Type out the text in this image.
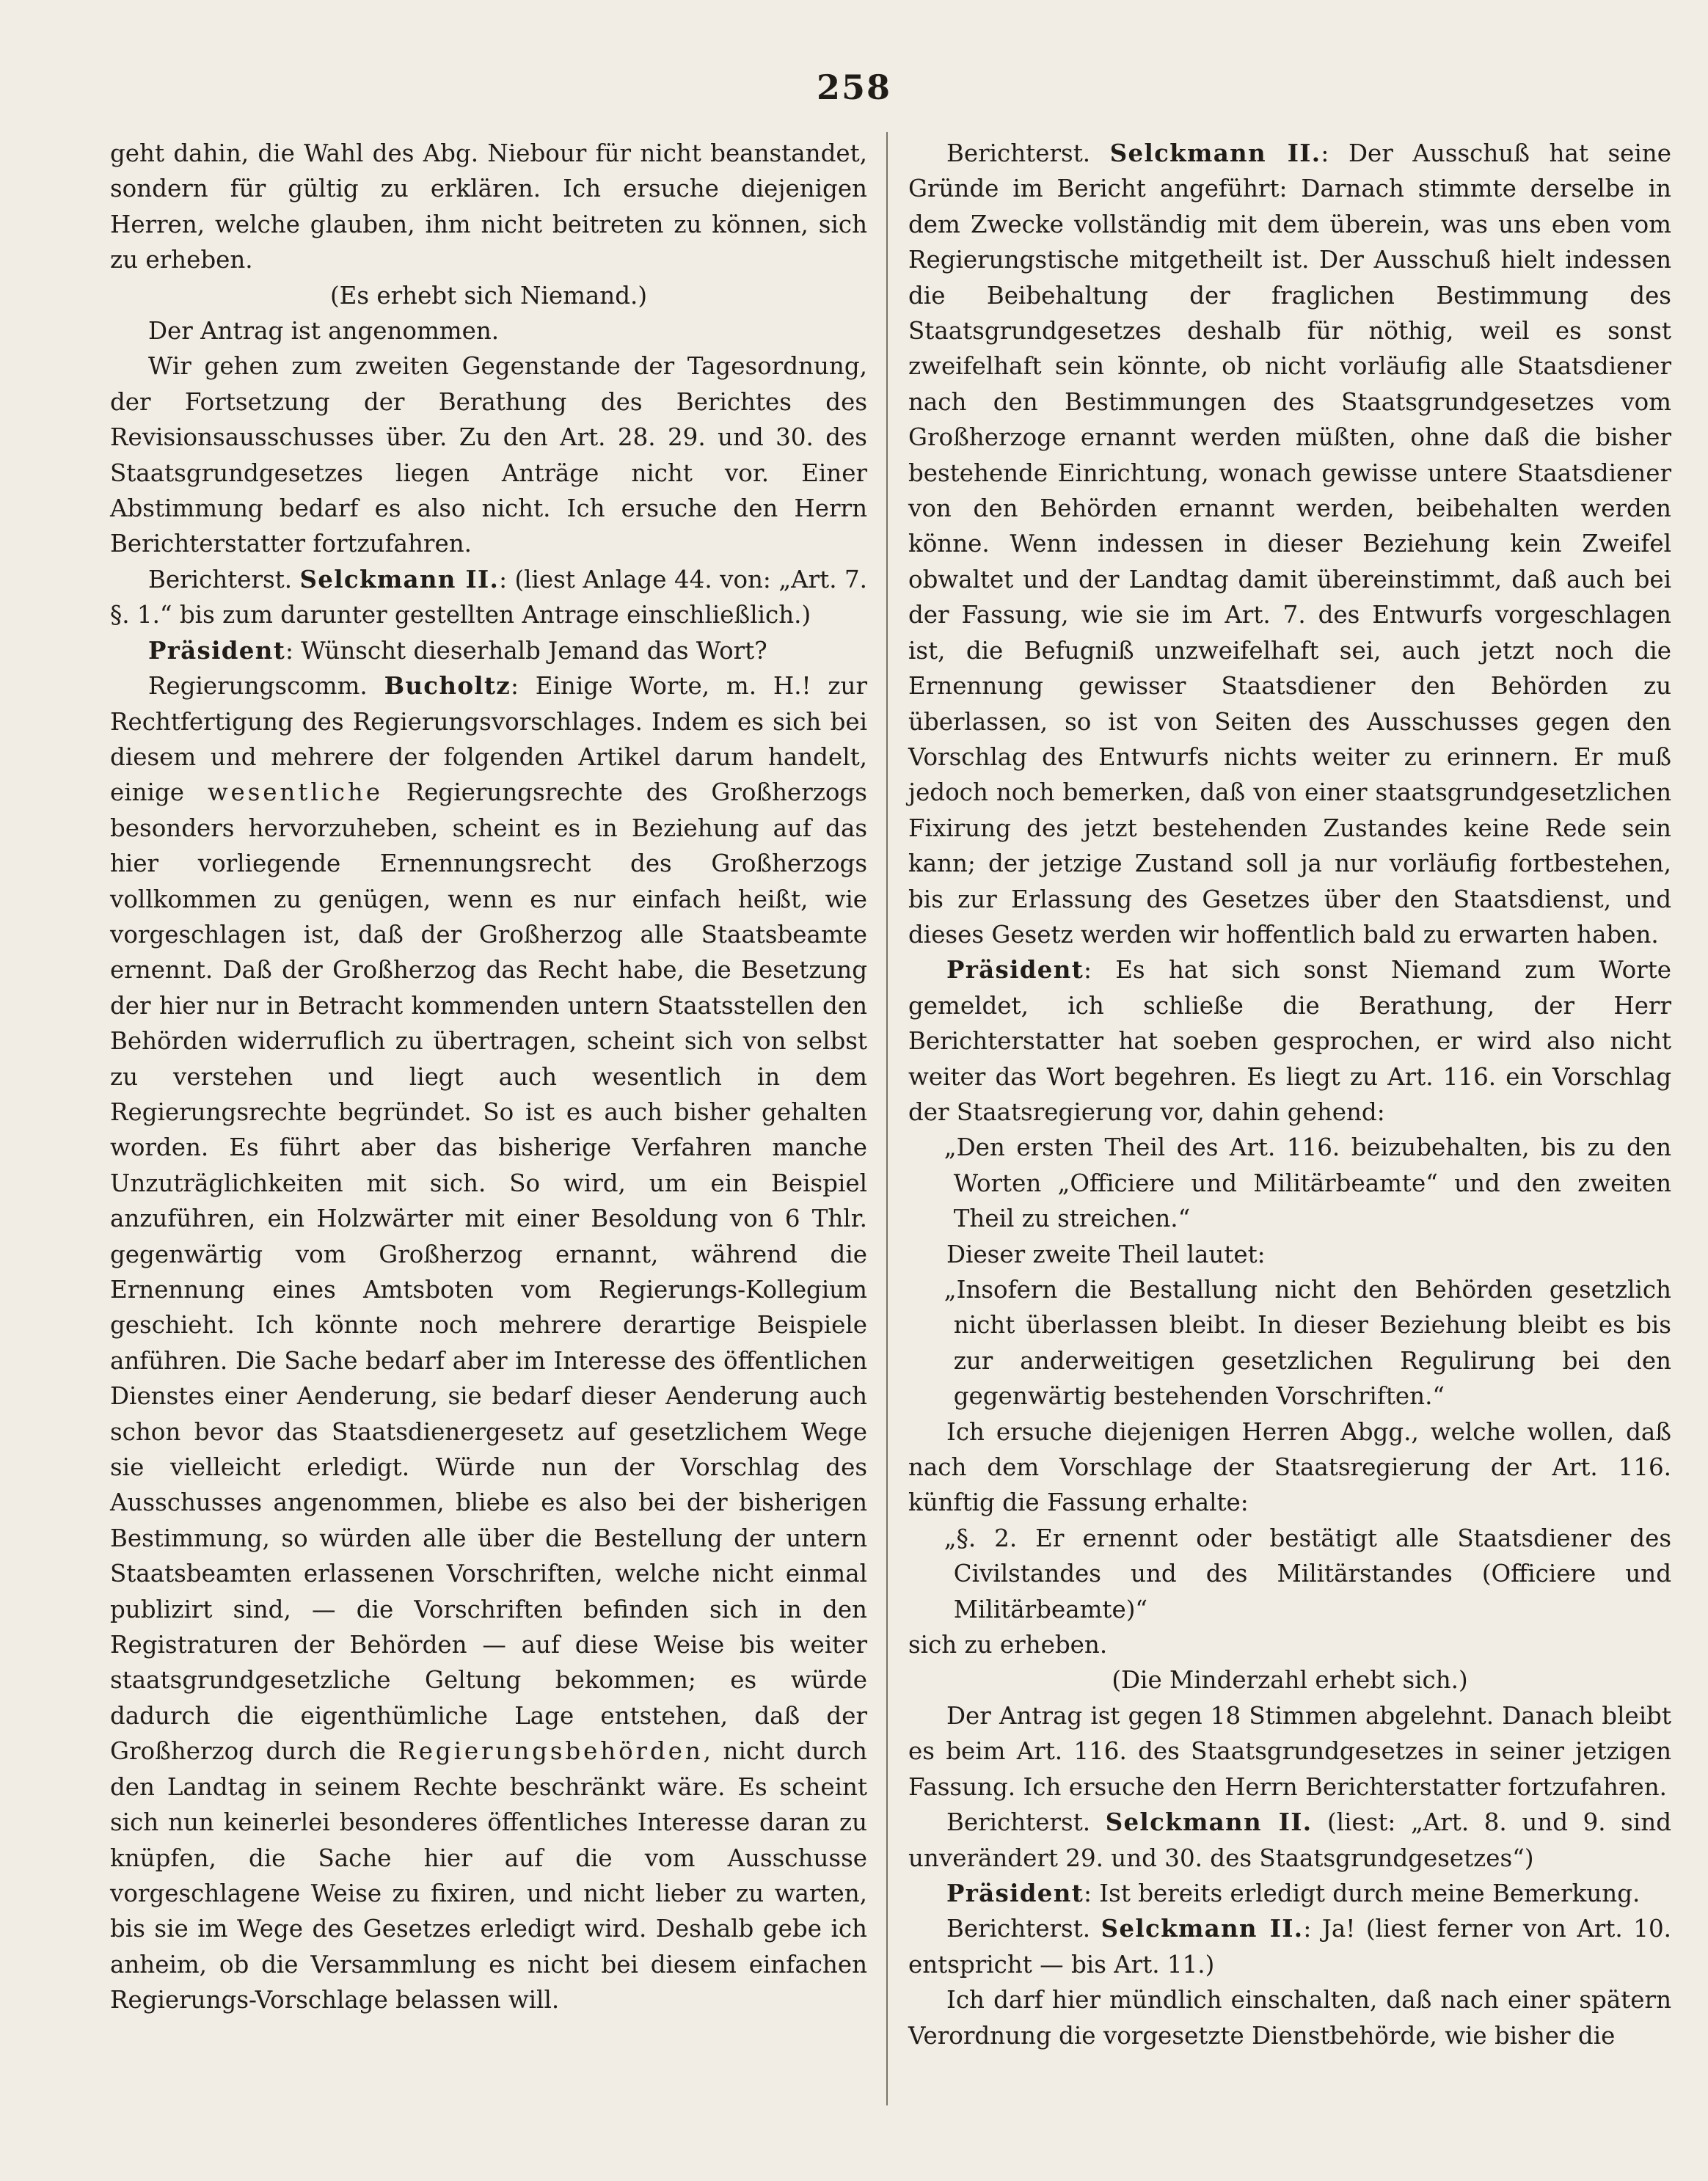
258

geht dahin, die Wahl des Abg. Niebour für nicht beanstandet, sondern für gültig zu erklären. Ich ersuche diejenigen Herren, welche glauben, ihm nicht beitreten zu können, sich zu erheben.

(Es erhebt sich Niemand.)

Der Antrag ist angenommen.

Wir gehen zum zweiten Gegenstande der Tagesordnung, der Fortsetzung der Berathung des Berichtes des Revisionsausschusses über. Zu den Art. 28. 29. und 30. des Staatsgrundgesetzes liegen Anträge nicht vor. Einer Abstimmung bedarf es also nicht. Ich ersuche den Herrn Berichterstatter fortzufahren.

Berichterst. Selckmann II.: (liest Anlage 44. von: „Art. 7. §. 1.“ bis zum darunter gestellten Antrage einschließlich.)

Präsident: Wünscht dieserhalb Jemand das Wort?

Regierungscomm. Bucholtz: Einige Worte, m. H.! zur Rechtfertigung des Regierungsvorschlages. Indem es sich bei diesem und mehrere der folgenden Artikel darum handelt, einige wesentliche Regierungsrechte des Großherzogs besonders hervorzuheben, scheint es in Beziehung auf das hier vorliegende Ernennungsrecht des Großherzogs vollkommen zu genügen, wenn es nur einfach heißt, wie vorgeschlagen ist, daß der Großherzog alle Staatsbeamte ernennt. Daß der Großherzog das Recht habe, die Besetzung der hier nur in Betracht kommenden untern Staatsstellen den Behörden widerruflich zu übertragen, scheint sich von selbst zu verstehen und liegt auch wesentlich in dem Regierungsrechte begründet. So ist es auch bisher gehalten worden. Es führt aber das bisherige Verfahren manche Unzuträglichkeiten mit sich. So wird, um ein Beispiel anzuführen, ein Holzwärter mit einer Besoldung von 6 Thlr. gegenwärtig vom Großherzog ernannt, während die Ernennung eines Amtsboten vom Regierungs-Kollegium geschieht. Ich könnte noch mehrere derartige Beispiele anführen. Die Sache bedarf aber im Interesse des öffentlichen Dienstes einer Aenderung, sie bedarf dieser Aenderung auch schon bevor das Staatsdienergesetz auf gesetzlichem Wege sie vielleicht erledigt. Würde nun der Vorschlag des Ausschusses angenommen, bliebe es also bei der bisherigen Bestimmung, so würden alle über die Bestellung der untern Staatsbeamten erlassenen Vorschriften, welche nicht einmal publizirt sind, — die Vorschriften befinden sich in den Registraturen der Behörden — auf diese Weise bis weiter staatsgrundgesetzliche Geltung bekommen; es würde dadurch die eigenthümliche Lage entstehen, daß der Großherzog durch die Regierungsbehörden, nicht durch den Landtag in seinem Rechte beschränkt wäre. Es scheint sich nun keinerlei besonderes öffentliches Interesse daran zu knüpfen, die Sache hier auf die vom Ausschusse vorgeschlagene Weise zu fixiren, und nicht lieber zu warten, bis sie im Wege des Gesetzes erledigt wird. Deshalb gebe ich anheim, ob die Versammlung es nicht bei diesem einfachen Regierungs-Vorschlage belassen will.

Berichterst. Selckmann II.: Der Ausschuß hat seine Gründe im Bericht angeführt: Darnach stimmte derselbe in dem Zwecke vollständig mit dem überein, was uns eben vom Regierungstische mitgetheilt ist. Der Ausschuß hielt indessen die Beibehaltung der fraglichen Bestimmung des Staatsgrundgesetzes deshalb für nöthig, weil es sonst zweifelhaft sein könnte, ob nicht vorläufig alle Staatsdiener nach den Bestimmungen des Staatsgrundgesetzes vom Großherzoge ernannt werden müßten, ohne daß die bisher bestehende Einrichtung, wonach gewisse untere Staatsdiener von den Behörden ernannt werden, beibehalten werden könne. Wenn indessen in dieser Beziehung kein Zweifel obwaltet und der Landtag damit übereinstimmt, daß auch bei der Fassung, wie sie im Art. 7. des Entwurfs vorgeschlagen ist, die Befugniß unzweifelhaft sei, auch jetzt noch die Ernennung gewisser Staatsdiener den Behörden zu überlassen, so ist von Seiten des Ausschusses gegen den Vorschlag des Entwurfs nichts weiter zu erinnern. Er muß jedoch noch bemerken, daß von einer staatsgrundgesetzlichen Fixirung des jetzt bestehenden Zustandes keine Rede sein kann; der jetzige Zustand soll ja nur vorläufig fortbestehen, bis zur Erlassung des Gesetzes über den Staatsdienst, und dieses Gesetz werden wir hoffentlich bald zu erwarten haben.

Präsident: Es hat sich sonst Niemand zum Worte gemeldet, ich schließe die Berathung, der Herr Berichterstatter hat soeben gesprochen, er wird also nicht weiter das Wort begehren. Es liegt zu Art. 116. ein Vorschlag der Staatsregierung vor, dahin gehend:

„Den ersten Theil des Art. 116. beizubehalten, bis zu den Worten „Officiere und Militärbeamte“ und den zweiten Theil zu streichen.“

Dieser zweite Theil lautet:

„Insofern die Bestallung nicht den Behörden gesetzlich nicht überlassen bleibt. In dieser Beziehung bleibt es bis zur anderweitigen gesetzlichen Regulirung bei den gegenwärtig bestehenden Vorschriften.“

Ich ersuche diejenigen Herren Abgg., welche wollen, daß nach dem Vorschlage der Staatsregierung der Art. 116. künftig die Fassung erhalte:

„§. 2. Er ernennt oder bestätigt alle Staatsdiener des Civilstandes und des Militärstandes (Officiere und Militärbeamte)“

sich zu erheben.

(Die Minderzahl erhebt sich.)

Der Antrag ist gegen 18 Stimmen abgelehnt. Danach bleibt es beim Art. 116. des Staatsgrundgesetzes in seiner jetzigen Fassung. Ich ersuche den Herrn Berichterstatter fortzufahren.

Berichterst. Selckmann II. (liest: „Art. 8. und 9. sind unverändert 29. und 30. des Staatsgrundgesetzes“)

Präsident: Ist bereits erledigt durch meine Bemerkung.

Berichterst. Selckmann II.: Ja! (liest ferner von Art. 10. entspricht — bis Art. 11.)

Ich darf hier mündlich einschalten, daß nach einer spätern Verordnung die vorgesetzte Dienstbehörde, wie bisher die
